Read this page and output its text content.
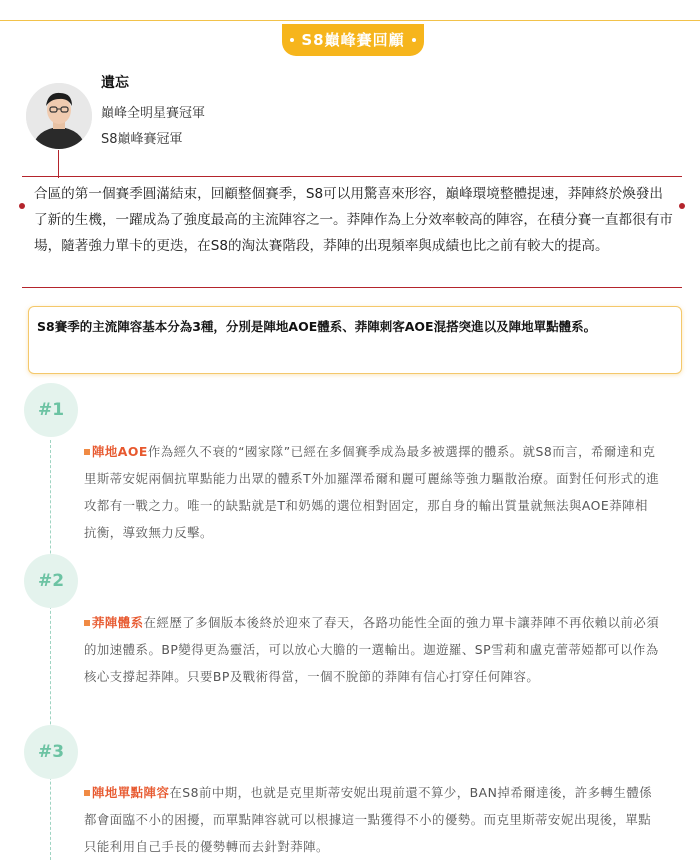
S8巔峰賽回顧
遺忘
巔峰全明星賽冠軍
S8巔峰賽冠軍
合區的第一個賽季圓滿結束，回顧整個賽季，S8可以用驚喜來形容，巔峰環境整體提速，莽陣終於煥發出了新的生機，一躍成為了強度最高的主流陣容之一。莽陣作為上分效率較高的陣容，在積分賽一直都很有市場，隨著強力單卡的更迭，在S8的淘汰賽階段，莽陣的出現頻率與成績也比之前有較大的提高。
S8賽季的主流陣容基本分為3種，分別是陣地AOE體系、莽陣刺客AOE混搭突進以及陣地單點體系。
#1
陣地AOE作為經久不衰的“國家隊”已經在多個賽季成為最多被選擇的體系。就S8而言，希爾達和克里斯蒂安妮兩個抗單點能力出眾的體系T外加羅澤希爾和麗可麗絲等強力驅散治療。面對任何形式的進攻都有一戰之力。唯一的缺點就是T和奶媽的選位相對固定，那自身的輸出質量就無法與AOE莽陣相抗衡，導致無力反擊。
#2
莽陣體系在經歷了多個版本後終於迎來了春天，各路功能性全面的強力單卡讓莽陣不再依賴以前必須的加速體系。BP變得更為靈活，可以放心大膽的一選輸出。迦遊羅、SP雪莉和盧克蕾蒂婭都可以作為核心支撐起莽陣。只要BP及戰術得當，一個不脫節的莽陣有信心打穿任何陣容。
#3
陣地單點陣容在S8前中期，也就是克里斯蒂安妮出現前還不算少，BAN掉希爾達後，許多轉生體係都會面臨不小的困擾，而單點陣容就可以根據這一點獲得不小的優勢。而克里斯蒂安妮出現後，單點只能利用自己手長的優勢轉而去針對莽陣。
